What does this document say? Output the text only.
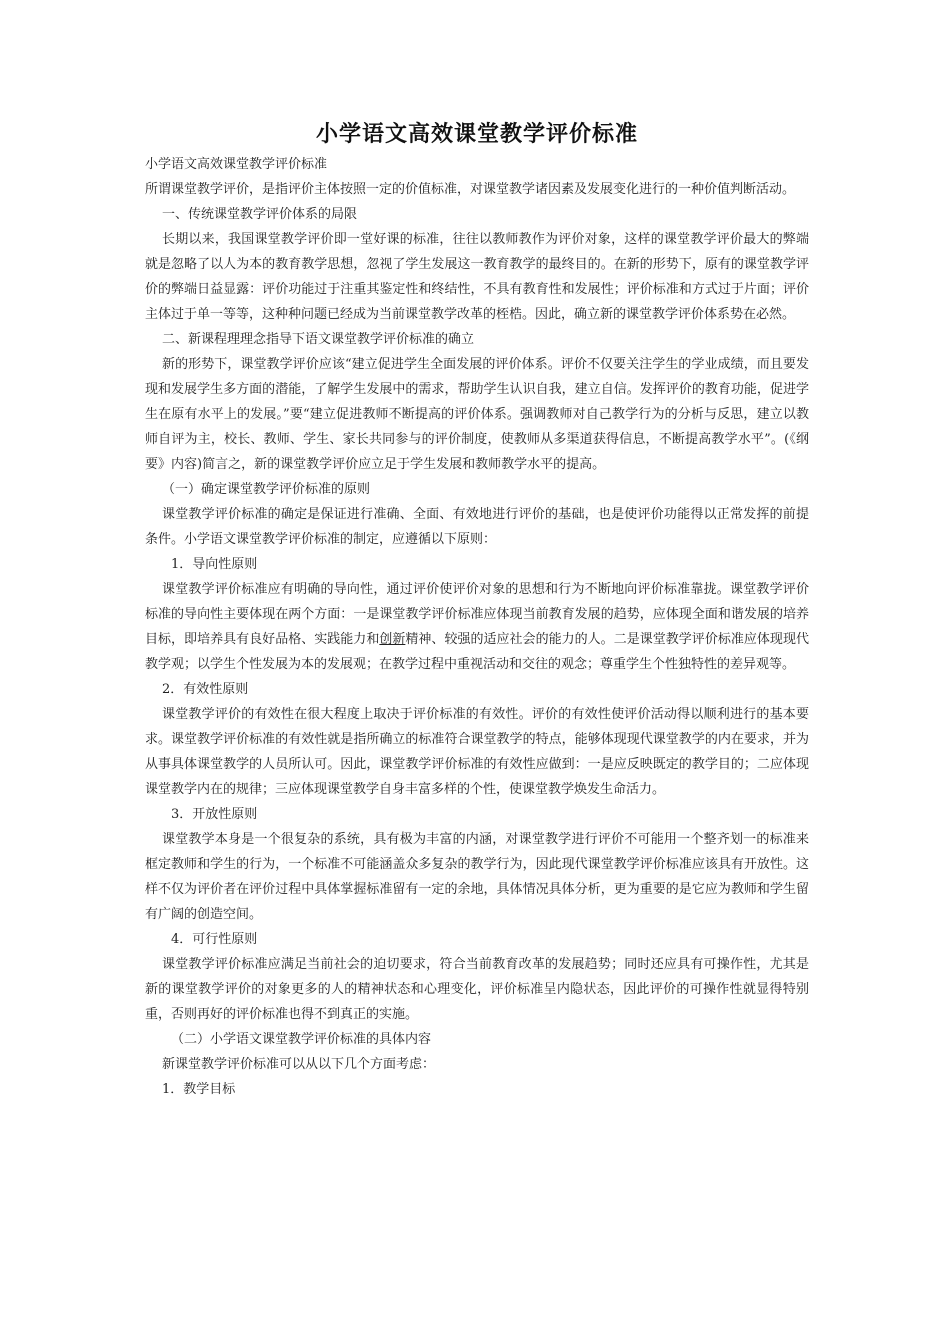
小学语文高效课堂教学评价标准

小学语文高效课堂教学评价标准

所谓课堂教学评价，是指评价主体按照一定的价值标准，对课堂教学诸因素及发展变化进行的一种价值判断活动。

一、传统课堂教学评价体系的局限

长期以来，我国课堂教学评价即一堂好课的标准，往往以教师教作为评价对象，这样的课堂教学评价最大的弊端就是忽略了以人为本的教育教学思想，忽视了学生发展这一教育教学的最终目的。在新的形势下，原有的课堂教学评价的弊端日益显露：评价功能过于注重其鉴定性和终结性，不具有教育性和发展性；评价标准和方式过于片面；评价主体过于单一等等，这种种问题已经成为当前课堂教学改革的桎梏。因此，确立新的课堂教学评价体系势在必然。

二、新课程理理念指导下语文课堂教学评价标准的确立

新的形势下，课堂教学评价应该“建立促进学生全面发展的评价体系。评价不仅要关注学生的学业成绩，而且要发现和发展学生多方面的潜能，了解学生发展中的需求，帮助学生认识自我，建立自信。发挥评价的教育功能，促进学生在原有水平上的发展。”要“建立促进教师不断提高的评价体系。强调教师对自己教学行为的分析与反思，建立以教师自评为主，校长、教师、学生、家长共同参与的评价制度，使教师从多渠道获得信息，不断提高教学水平”。(《纲要》内容)简言之，新的课堂教学评价应立足于学生发展和教师教学水平的提高。

（一）确定课堂教学评价标准的原则

课堂教学评价标准的确定是保证进行准确、全面、有效地进行评价的基础，也是使评价功能得以正常发挥的前提条件。小学语文课堂教学评价标准的制定，应遵循以下原则：

1．导向性原则

课堂教学评价标准应有明确的导向性，通过评价使评价对象的思想和行为不断地向评价标准靠拢。课堂教学评价标准的导向性主要体现在两个方面：一是课堂教学评价标准应体现当前教育发展的趋势，应体现全面和谐发展的培养目标，即培养具有良好品格、实践能力和创新精神、较强的适应社会的能力的人。二是课堂教学评价标准应体现现代教学观；以学生个性发展为本的发展观；在教学过程中重视活动和交往的观念；尊重学生个性独特性的差异观等。

2．有效性原则

课堂教学评价的有效性在很大程度上取决于评价标准的有效性。评价的有效性使评价活动得以顺利进行的基本要求。课堂教学评价标准的有效性就是指所确立的标准符合课堂教学的特点，能够体现现代课堂教学的内在要求，并为从事具体课堂教学的人员所认可。因此，课堂教学评价标准的有效性应做到：一是应反映既定的教学目的；二应体现课堂教学内在的规律；三应体现课堂教学自身丰富多样的个性，使课堂教学焕发生命活力。

3．开放性原则

课堂教学本身是一个很复杂的系统，具有极为丰富的内涵，对课堂教学进行评价不可能用一个整齐划一的标准来框定教师和学生的行为，一个标准不可能涵盖众多复杂的教学行为，因此现代课堂教学评价标准应该具有开放性。这样不仅为评价者在评价过程中具体掌握标准留有一定的余地，具体情况具体分析，更为重要的是它应为教师和学生留有广阔的创造空间。

4．可行性原则

课堂教学评价标准应满足当前社会的迫切要求，符合当前教育改革的发展趋势；同时还应具有可操作性，尤其是新的课堂教学评价的对象更多的人的精神状态和心理变化，评价标准呈内隐状态，因此评价的可操作性就显得特别重，否则再好的评价标准也得不到真正的实施。

（二）小学语文课堂教学评价标准的具体内容

新课堂教学评价标准可以从以下几个方面考虑：

1．教学目标
